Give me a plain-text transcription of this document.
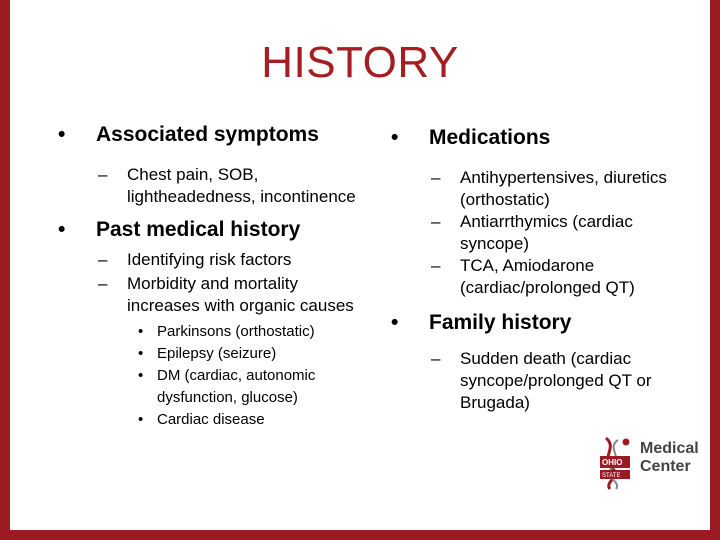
HISTORY
• Associated symptoms
– Chest pain, SOB, lightheadedness, incontinence
• Past medical history
– Identifying risk factors
– Morbidity and mortality increases with organic causes
• Parkinsons (orthostatic)
• Epilepsy (seizure)
• DM (cardiac, autonomic dysfunction, glucose)
• Cardiac disease
• Medications
– Antihypertensives, diuretics (orthostatic)
– Antiarrthymics (cardiac syncope)
– TCA, Amiodarone (cardiac/prolonged QT)
• Family history
– Sudden death (cardiac syncope/prolonged QT or Brugada)
OHIO
STATE
Medical
Center
